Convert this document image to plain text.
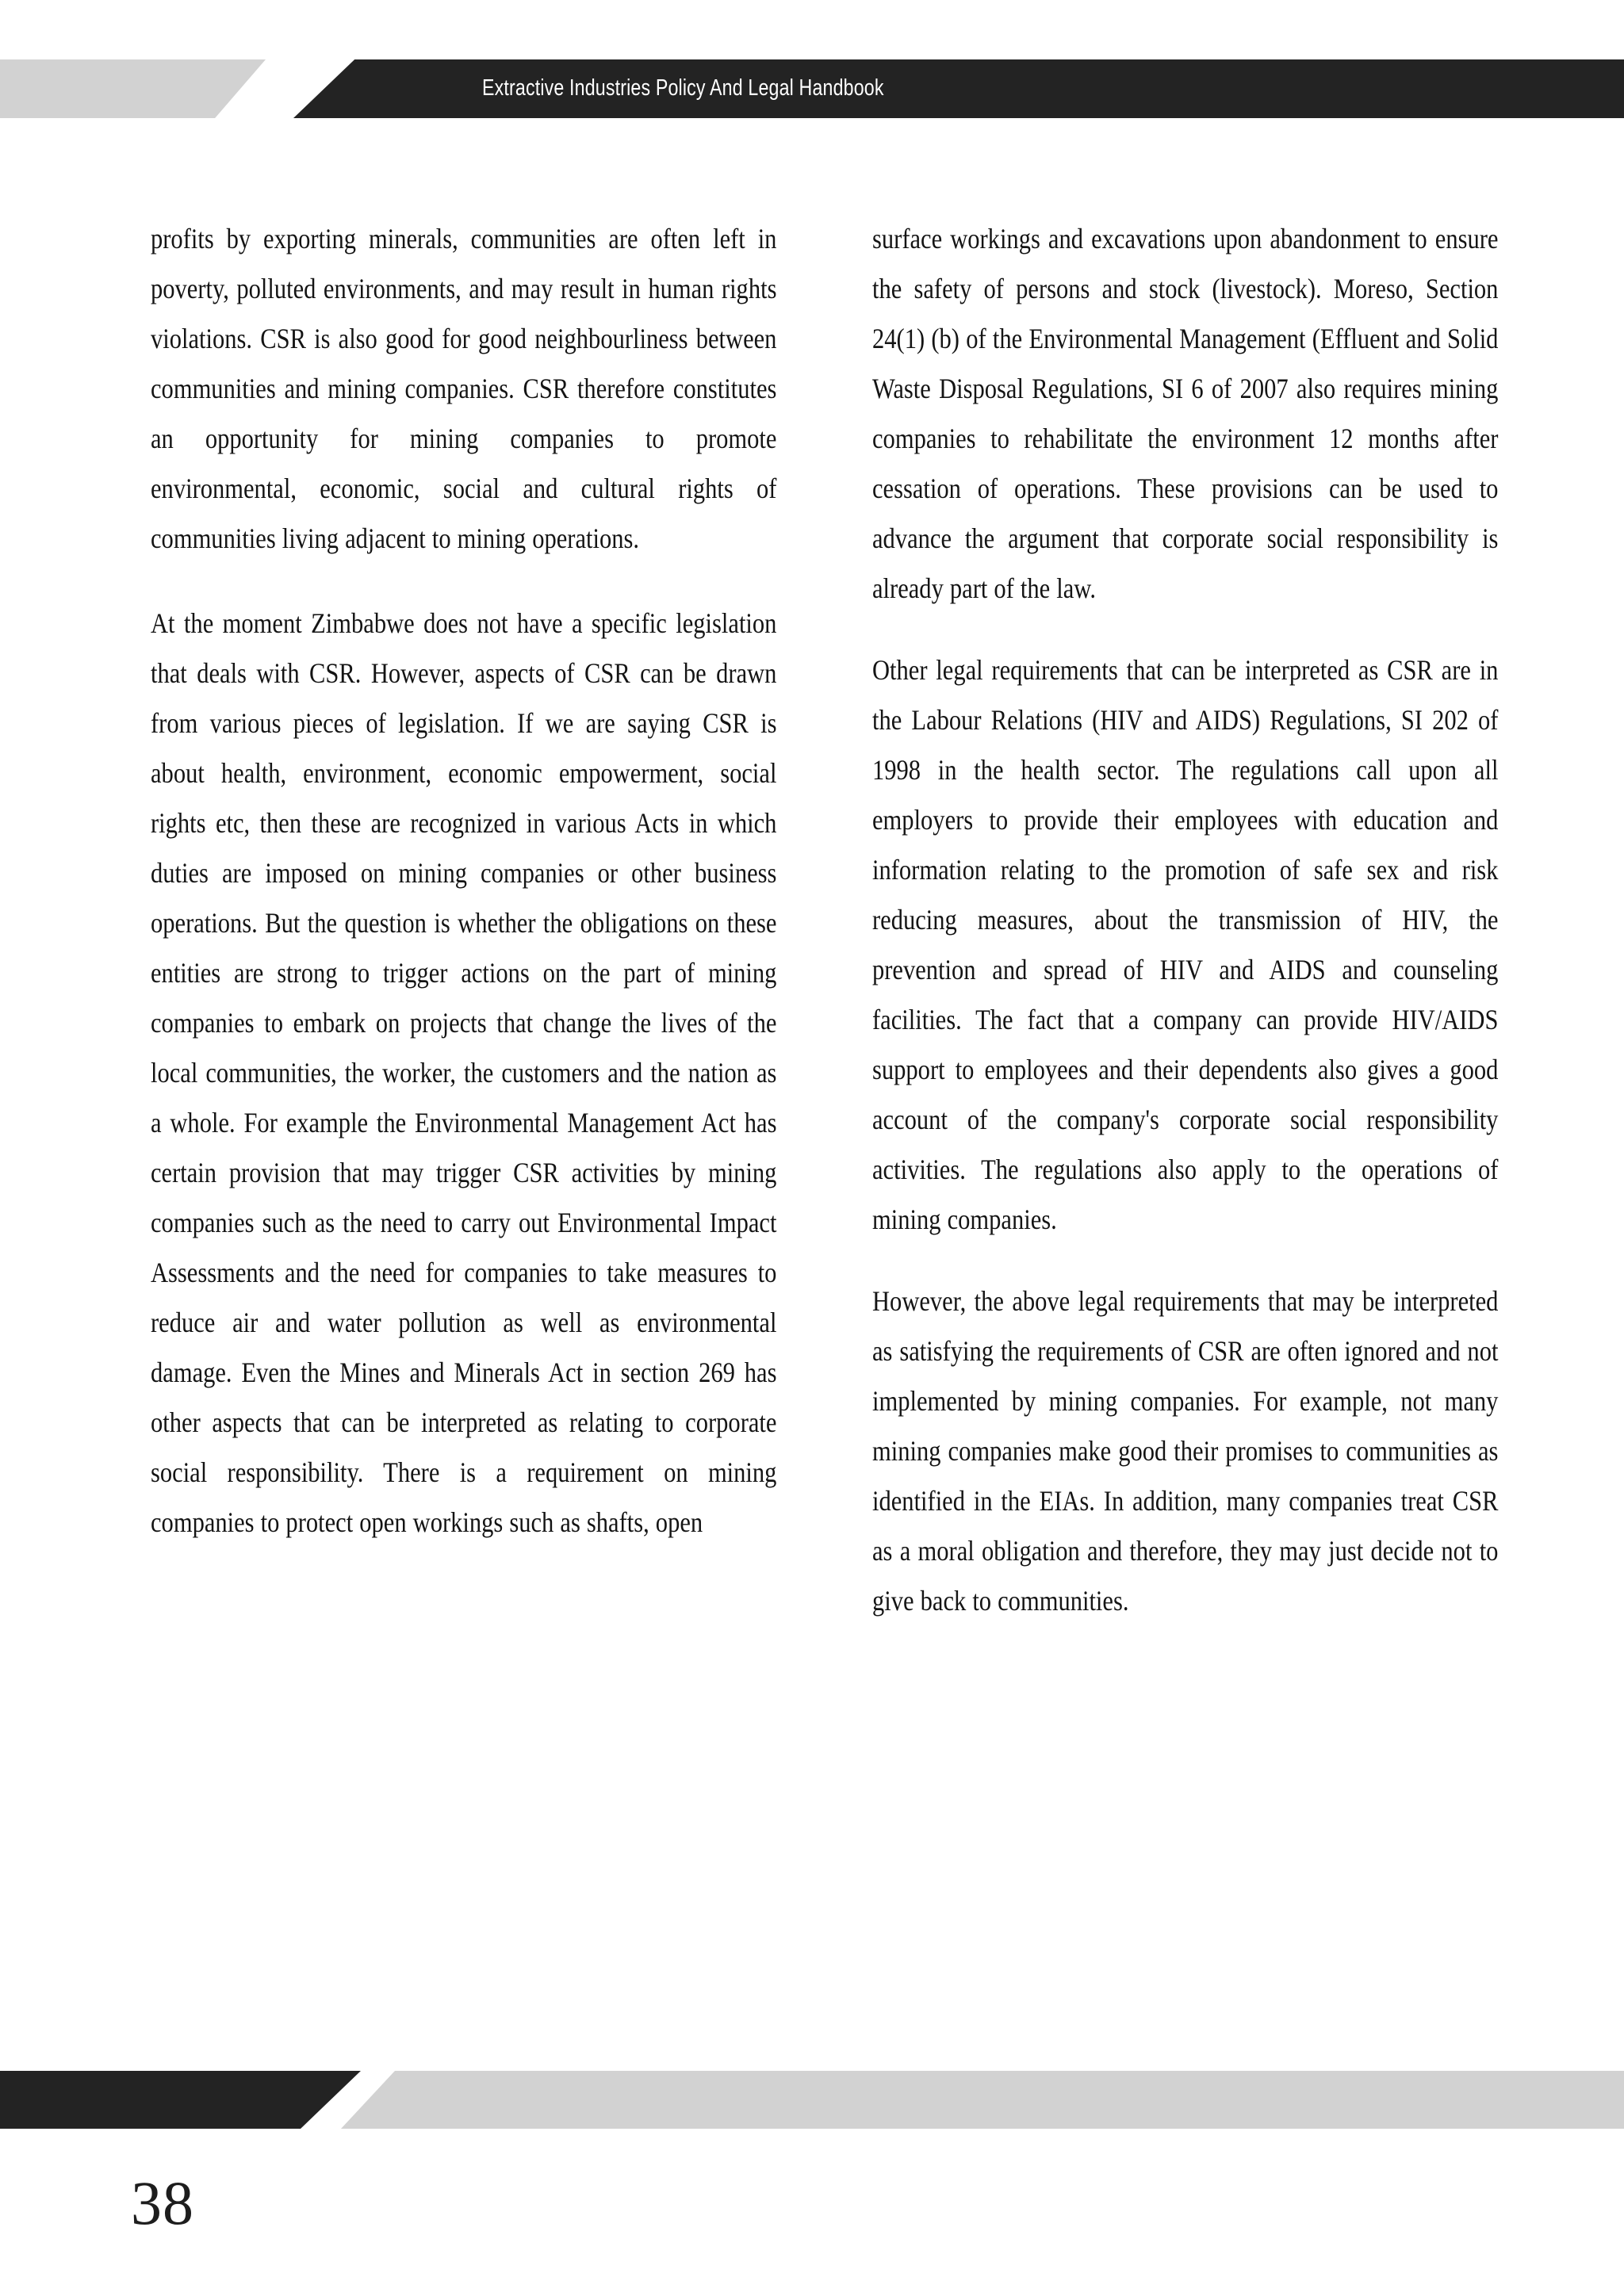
Extractive Industries Policy And Legal Handbook

profits by exporting minerals, communities are often left in poverty, polluted environments, and may result in human rights violations. CSR is also good for good neighbourliness between communities and mining companies. CSR therefore constitutes an opportunity for mining companies to promote environmental, economic, social and cultural rights of communities living adjacent to mining operations.

At the moment Zimbabwe does not have a specific legislation that deals with CSR. However, aspects of CSR can be drawn from various pieces of legislation. If we are saying CSR is about health, environment, economic empowerment, social rights etc, then these are recognized in various Acts in which duties are imposed on mining companies or other business operations. But the question is whether the obligations on these entities are strong to trigger actions on the part of mining companies to embark on projects that change the lives of the local communities, the worker, the customers and the nation as a whole. For example the Environmental Management Act has certain provision that may trigger CSR activities by mining companies such as the need to carry out Environmental Impact Assessments and the need for companies to take measures to reduce air and water pollution as well as environmental damage. Even the Mines and Minerals Act in section 269 has other aspects that can be interpreted as relating to corporate social responsibility. There is a requirement on mining companies to protect open workings such as shafts, open

surface workings and excavations upon abandonment to ensure the safety of persons and stock (livestock). Moreso, Section 24(1) (b) of the Environmental Management (Effluent and Solid Waste Disposal Regulations, SI 6 of 2007 also requires mining companies to rehabilitate the environment 12 months after cessation of operations. These provisions can be used to advance the argument that corporate social responsibility is already part of the law.

Other legal requirements that can be interpreted as CSR are in the Labour Relations (HIV and AIDS) Regulations, SI 202 of 1998 in the health sector. The regulations call upon all employers to provide their employees with education and information relating to the promotion of safe sex and risk reducing measures, about the transmission of HIV, the prevention and spread of HIV and AIDS and counseling facilities. The fact that a company can provide HIV/AIDS support to employees and their dependents also gives a good account of the company's corporate social responsibility activities. The regulations also apply to the operations of mining companies.

However, the above legal requirements that may be interpreted as satisfying the requirements of CSR are often ignored and not implemented by mining companies. For example, not many mining companies make good their promises to communities as identified in the EIAs. In addition, many companies treat CSR as a moral obligation and therefore, they may just decide not to give back to communities.

38
